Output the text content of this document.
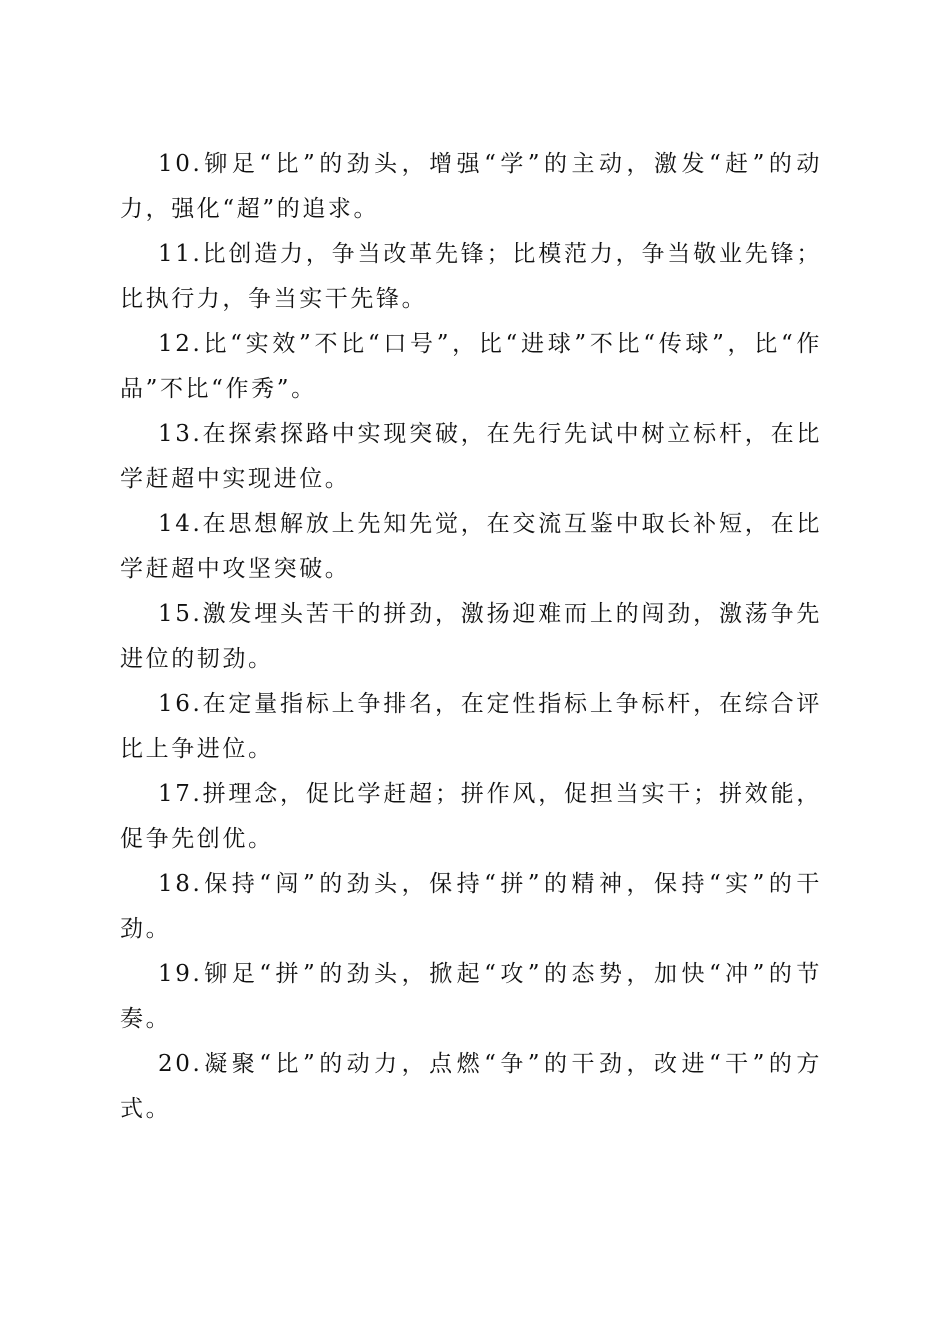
10.铆足“比”的劲头，增强“学”的主动，激发“赶”的动力，强化“超”的追求。

11.比创造力，争当改革先锋；比模范力，争当敬业先锋；比执行力，争当实干先锋。

12.比“实效”不比“口号”，比“进球”不比“传球”，比“作品”不比“作秀”。

13.在探索探路中实现突破，在先行先试中树立标杆，在比学赶超中实现进位。

14.在思想解放上先知先觉，在交流互鉴中取长补短，在比学赶超中攻坚突破。

15.激发埋头苦干的拼劲，激扬迎难而上的闯劲，激荡争先进位的韧劲。

16.在定量指标上争排名，在定性指标上争标杆，在综合评比上争进位。

17.拼理念，促比学赶超；拼作风，促担当实干；拼效能，促争先创优。

18.保持“闯”的劲头，保持“拼”的精神，保持“实”的干劲。

19.铆足“拼”的劲头，掀起“攻”的态势，加快“冲”的节奏。

20.凝聚“比”的动力，点燃“争”的干劲，改进“干”的方式。
